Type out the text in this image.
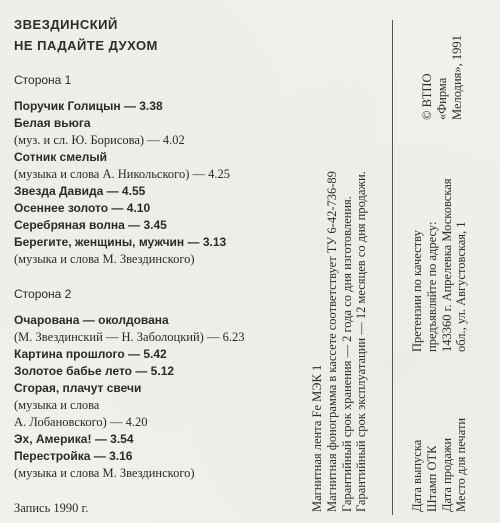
ЗВЕЗДИНСКИЙ
НЕ ПАДАЙТЕ ДУХОМ
Сторона 1
Поручик Голицын — 3.38
Белая вьюга
(муз. и сл. Ю. Борисова) — 4.02
Сотник смелый
(музыка и слова А. Никольского) — 4.25
Звезда Давида — 4.55
Осеннее золото — 4.10
Серебряная волна — 3.45
Берегите, женщины, мужчин — 3.13
(музыка и слова М. Звездинского)
Сторона 2
Очарована — околдована
(М. Звездинский — Н. Заболоцкий) — 6.23
Картина прошлого — 5.42
Золотое бабье лето — 5.12
Сгорая, плачут свечи
(музыка и слова
А. Лобановского) — 4.20
Эх, Америка! — 3.54
Перестройка — 3.16
(музыка и слова М. Звездинского)
Запись 1990 г.	Магнитная лента Fe МЭК 1 Магнитная фонограмма в кассете соответствует ТУ 6-42-736-89 Гарантийный срок хранения — 2 года со дня изготовления. Гарантийный срок эксплуатации — 12 месяцев со дня продажи.	Дата выпуска Штамп ОТК Дата продажи Место для печати
Претензии по качеству предъявляйте по адресу: 143360 г. Апрелевка Московская обл., ул. Августовская, 1
© ВТПО «Фирма Мелодия», 1991
